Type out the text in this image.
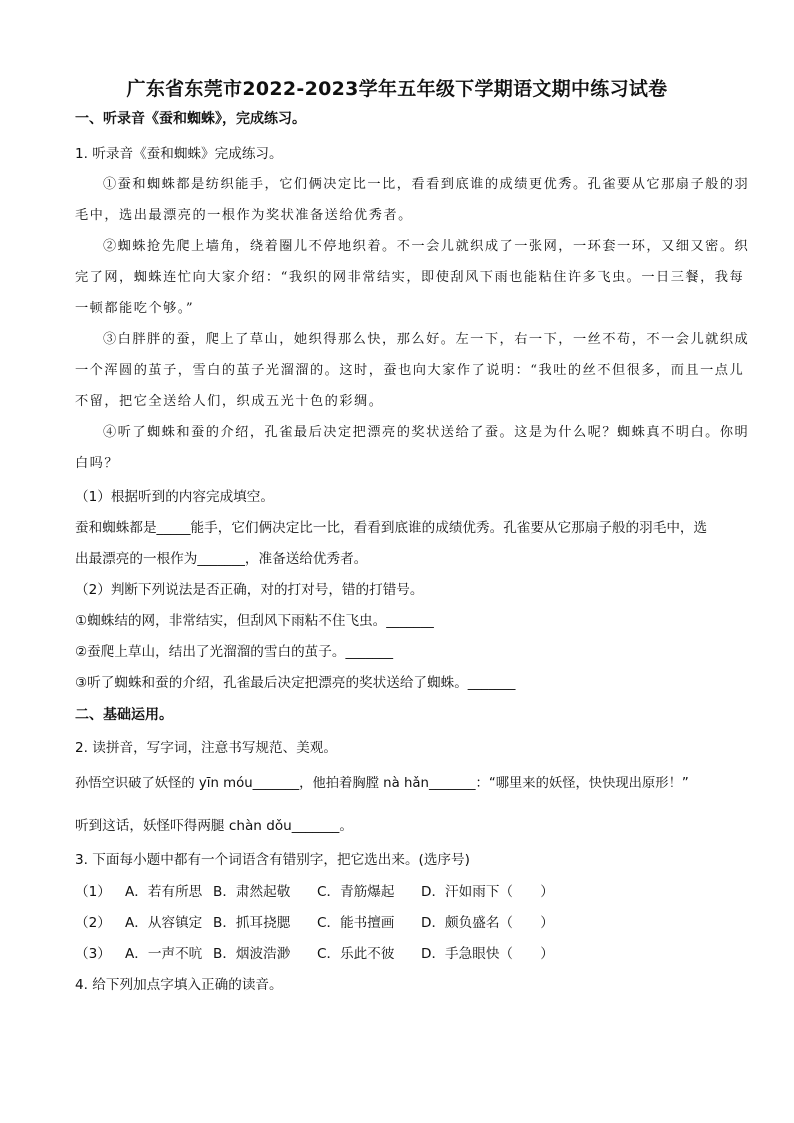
广东省东莞市2022-2023学年五年级下学期语文期中练习试卷
一、听录音《蚕和蜘蛛》，完成练习。
1. 听录音《蚕和蜘蛛》完成练习。
①蚕和蜘蛛都是纺织能手，它们俩决定比一比，看看到底谁的成绩更优秀。孔雀要从它那扇子般的羽
毛中，选出最漂亮的一根作为奖状准备送给优秀者。
②蜘蛛抢先爬上墙角，绕着圈儿不停地织着。不一会儿就织成了一张网，一环套一环，又细又密。织
完了网，蜘蛛连忙向大家介绍：“我织的网非常结实，即使刮风下雨也能粘住许多飞虫。一日三餐，我每
一顿都能吃个够。”
③白胖胖的蚕，爬上了草山，她织得那么快，那么好。左一下，右一下，一丝不苟，不一会儿就织成
一个浑圆的茧子，雪白的茧子光溜溜的。这时，蚕也向大家作了说明：“我吐的丝不但很多，而且一点儿
不留，把它全送给人们，织成五光十色的彩绸。
④听了蜘蛛和蚕的介绍，孔雀最后决定把漂亮的奖状送给了蚕。这是为什么呢？蜘蛛真不明白。你明
白吗？
（1）根据听到的内容完成填空。
蚕和蜘蛛都是_____能手，它们俩决定比一比，看看到底谁的成绩优秀。孔雀要从它那扇子般的羽毛中，选
出最漂亮的一根作为_______，准备送给优秀者。
（2）判断下列说法是否正确，对的打对号，错的打错号。
①蜘蛛结的网，非常结实，但刮风下雨粘不住飞虫。_______
②蚕爬上草山，结出了光溜溜的雪白的茧子。_______
③听了蜘蛛和蚕的介绍，孔雀最后决定把漂亮的奖状送给了蜘蛛。_______
二、基础运用。
2. 读拼音，写字词，注意书写规范、美观。
孙悟空识破了妖怪的 yīn móu_______，他拍着胸膛 nà hǎn_______：“哪里来的妖怪，快快现出原形！”
听到这话，妖怪吓得两腿 chàn dǒu_______。
3. 下面每小题中都有一个词语含有错别字，把它选出来。(选序号)
（1） A．若有所思 B．肃然起敬 C．青筋爆起 D．汗如雨下（　　）
（2） A．从容镇定 B．抓耳挠腮 C．能书擅画 D．颇负盛名（　　）
（3） A．一声不吭 B．烟波浩渺 C．乐此不彼 D．手急眼快（　　）
4. 给下列加点字填入正确的读音。
